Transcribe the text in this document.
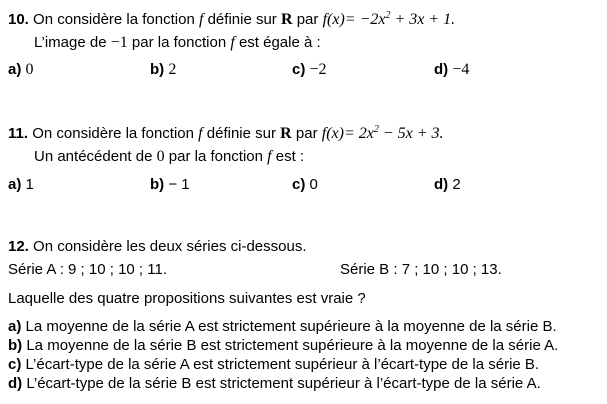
10. On considère la fonction f définie sur R par $f(x)= -2x^2 + 3x + 1$.
L’image de −1 par la fonction f est égale à :
a) 0	b) 2	c) −2	d) −4
11. On considère la fonction f définie sur R par $f(x)= 2x^2 - 5x + 3$.
Un antécédent de 0 par la fonction f est :
a) 1	b) − 1	c) 0	d) 2
12. On considère les deux séries ci-dessous.
Série A : 9 ; 10 ; 10 ; 11.	Série B : 7 ; 10 ; 10 ; 13.
Laquelle des quatre propositions suivantes est vraie ?
a) La moyenne de la série A est strictement supérieure à la moyenne de la série B.
b) La moyenne de la série B est strictement supérieure à la moyenne de la série A.
c) L’écart-type de la série A est strictement supérieur à l’écart-type de la série B.
d) L’écart-type de la série B est strictement supérieur à l’écart-type de la série A.
